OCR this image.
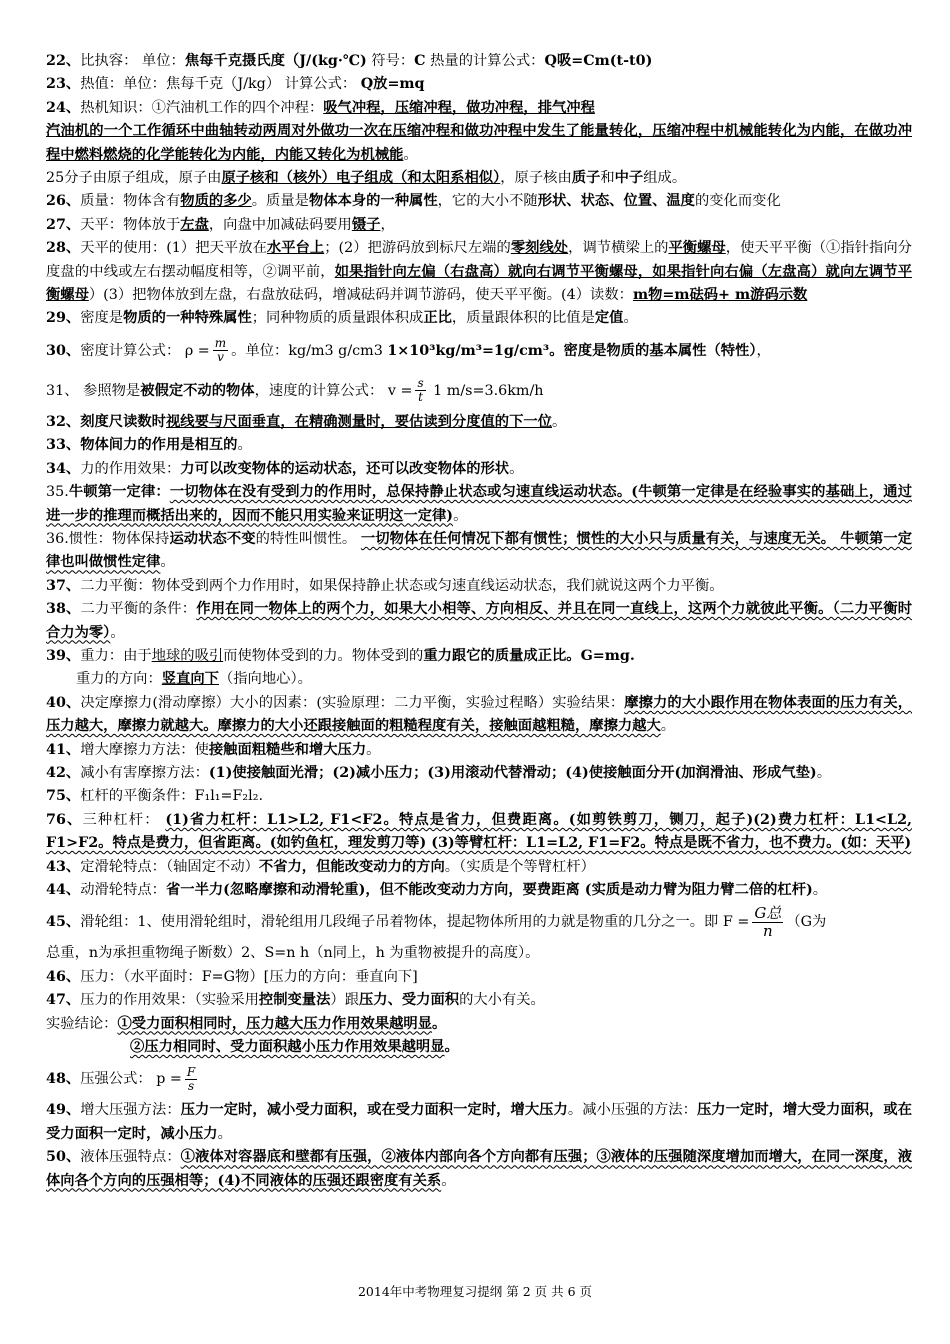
22、比执容： 单位：焦每千克摄氏度（J/(kg·℃) 符号：C 热量的计算公式：Q吸=Cm(t-t0)
23、热值：单位：焦每千克（J/kg） 计算公式： Q放=mq
24、热机知识：①汽油机工作的四个冲程：吸气冲程，压缩冲程，做功冲程，排气冲程
汽油机的一个工作循环中曲轴转动两周对外做功一次在压缩冲程和做功冲程中发生了能量转化，压缩冲程中机械能转化为内能，在做功冲程中燃料燃烧的化学能转化为内能，内能又转化为机械能。
25分子由原子组成，原子由原子核和（核外）电子组成（和太阳系相似），原子核由质子和中子组成。
26、质量：物体含有物质的多少。质量是物体本身的一种属性，它的大小不随形状、状态、位置、温度的变化而变化
27、天平：物体放于左盘，向盘中加减砝码要用镊子，
28、天平的使用：(1）把天平放在水平台上；(2）把游码放到标尺左端的零刻线处，调节横梁上的平衡螺母，使天平平衡（①指针指向分度盘的中线或左右摆动幅度相等，②调平前，如果指针向左偏（右盘高）就向右调节平衡螺母，如果指针向右偏（左盘高）就向左调节平衡螺母）(3）把物体放到左盘，右盘放砝码，增减砝码并调节游码，使天平平衡。(4）读数：m物=m砝码+ m游码示数
29、密度是物质的一种特殊属性；同种物质的质量跟体积成正比，质量跟体积的比值是定值。
30、密度计算公式： $\rho = \frac{m}{v}$ 。单位：kg/m3 g/cm3 1×10³kg/m³=1g/cm³。密度是物质的基本属性（特性），
31、 参照物是被假定不动的物体，速度的计算公式： $v = \frac{s}{t} 1$ m/s=3.6km/h
32、刻度尺读数时视线要与尺面垂直，在精确测量时，要估读到分度值的下一位。
33、物体间力的作用是相互的。
34、力的作用效果：力可以改变物体的运动状态，还可以改变物体的形状。
35.牛顿第一定律：一切物体在没有受到力的作用时，总保持静止状态或匀速直线运动状态。(牛顿第一定律是在经验事实的基础上，通过进一步的推理而概括出来的，因而不能只用实验来证明这一定律)。
36.惯性：物体保持运动状态不变的特性叫惯性。 一切物体在任何情况下都有惯性；惯性的大小只与质量有关，与速度无关。 牛顿第一定律也叫做惯性定律。
37、二力平衡：物体受到两个力作用时，如果保持静止状态或匀速直线运动状态，我们就说这两个力平衡。
38、二力平衡的条件：作用在同一物体上的两个力，如果大小相等、方向相反、并且在同一直线上，这两个力就彼此平衡。（二力平衡时合力为零）。
39、重力：由于地球的吸引而使物体受到的力。物体受到的重力跟它的质量成正比。G=mg.
重力的方向：竖直向下（指向地心）。
40、决定摩擦力(滑动摩擦）大小的因素：(实验原理：二力平衡，实验过程略）实验结果：摩擦力的大小跟作用在物体表面的压力有关，压力越大，摩擦力就越大。摩擦力的大小还跟接触面的粗糙程度有关，接触面越粗糙，摩擦力越大。
41、增大摩擦力方法：使接触面粗糙些和增大压力。
42、减小有害摩擦方法：(1)使接触面光滑；(2)减小压力；(3)用滚动代替滑动；(4)使接触面分开(加润滑油、形成气垫)。
75、杠杆的平衡条件：F₁l₁=F₂l₂.
76、三种杠杆： (1)省力杠杆：L1>L2, F1<F2。特点是省力，但费距离。(如剪铁剪刀，铡刀，起子)(2)费力杠杆：L1<L2, F1>F2。特点是费力，但省距离。(如钓鱼杠，理发剪刀等) (3)等臂杠杆：L1=L2, F1=F2。特点是既不省力，也不费力。(如：天平)
43、定滑轮特点：（轴固定不动）不省力，但能改变动力的方向。（实质是个等臂杠杆）
44、动滑轮特点：省一半力(忽略摩擦和动滑轮重)，但不能改变动力方向，要费距离 (实质是动力臂为阻力臂二倍的杠杆)。
45、滑轮组：1、使用滑轮组时，滑轮组用几段绳子吊着物体，提起物体所用的力就是物重的几分之一。即 $F = \frac{\text{G总}}{n} (G$为
总重，n为承担重物绳子断数）2、S=n h（n同上，h 为重物被提升的高度）。
46、压力：（水平面时：F=G物）[压力的方向：垂直向下]
47、压力的作用效果：（实验采用控制变量法）跟压力、受力面积的大小有关。
实验结论：①受力面积相同时，压力越大压力作用效果越明显。
②压力相同时、受力面积越小压力作用效果越明显。
48、压强公式： $p = \frac{F}{s}$
49、增大压强方法：压力一定时，减小受力面积，或在受力面积一定时，增大压力。减小压强的方法：压力一定时，增大受力面积，或在受力面积一定时，减小压力。
50、液体压强特点：①液体对容器底和壁都有压强，②液体内部向各个方向都有压强；③液体的压强随深度增加而增大，在同一深度，液体向各个方向的压强相等；(4)不同液体的压强还跟密度有关系。
2014年中考物理复习提纲 第 2 页 共 6 页
